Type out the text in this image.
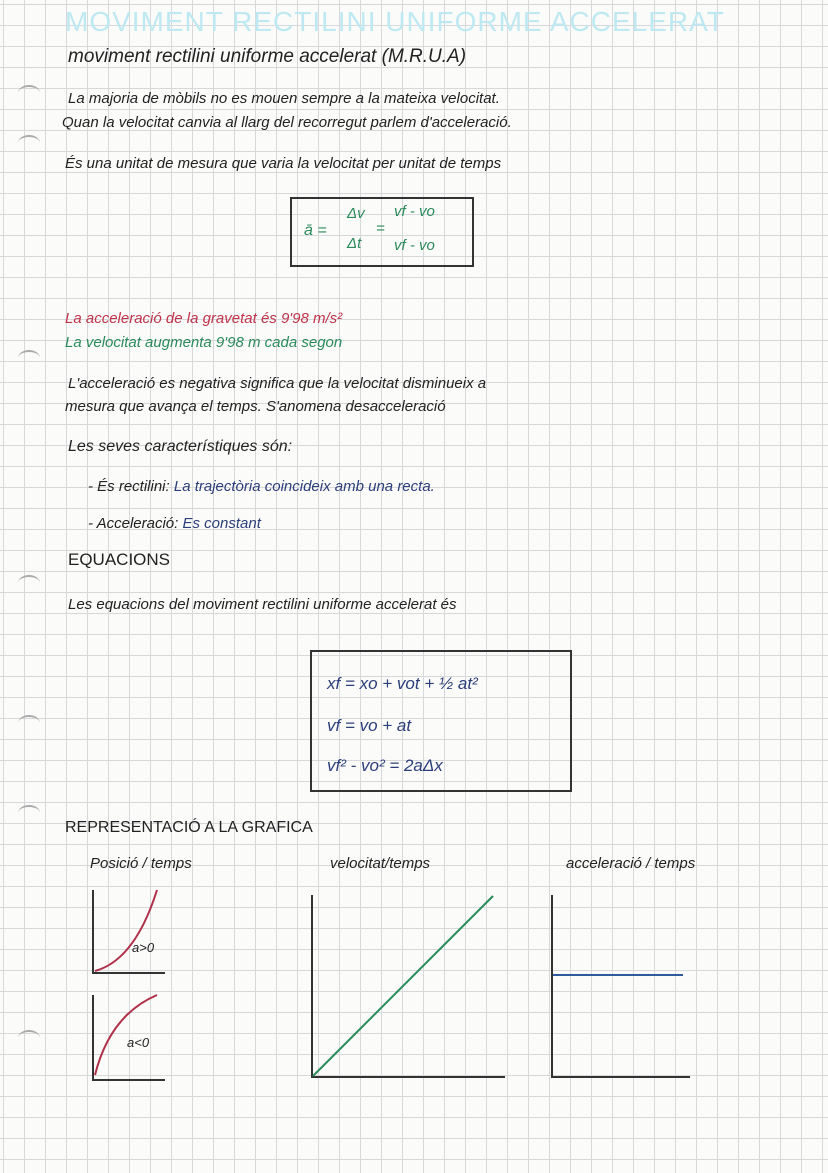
MOVIMENT RECTILINI UNIFORME ACCELERAT
moviment rectilini uniforme accelerat (M.R.U.A)
La majoria de mòbils no es mouen sempre a la mateixa velocitat.
Quan la velocitat canvia al llarg del recorregut parlem d'acceleració.
És una unitat de mesura que varia la velocitat per unitat de temps
ā =
Δv
Δt
=
vf - vo
vf - vo
La acceleració de la gravetat és 9'98 m/s²
La velocitat augmenta 9'98 m cada segon
L'acceleració es negativa significa que la velocitat disminueix a
mesura que avança el temps. S'anomena desacceleració
Les seves característiques són:
- És rectilini: La trajectòria coincideix amb una recta.
- Acceleració: Es constant
EQUACIONS
Les equacions del moviment rectilini uniforme accelerat és
xf = xo + vot + ½ at²
vf = vo + at
vf² - vo² = 2aΔx
REPRESENTACIÓ A LA GRAFICA
Posició / temps	velocitat/temps	acceleració / temps
a>0
a<0
